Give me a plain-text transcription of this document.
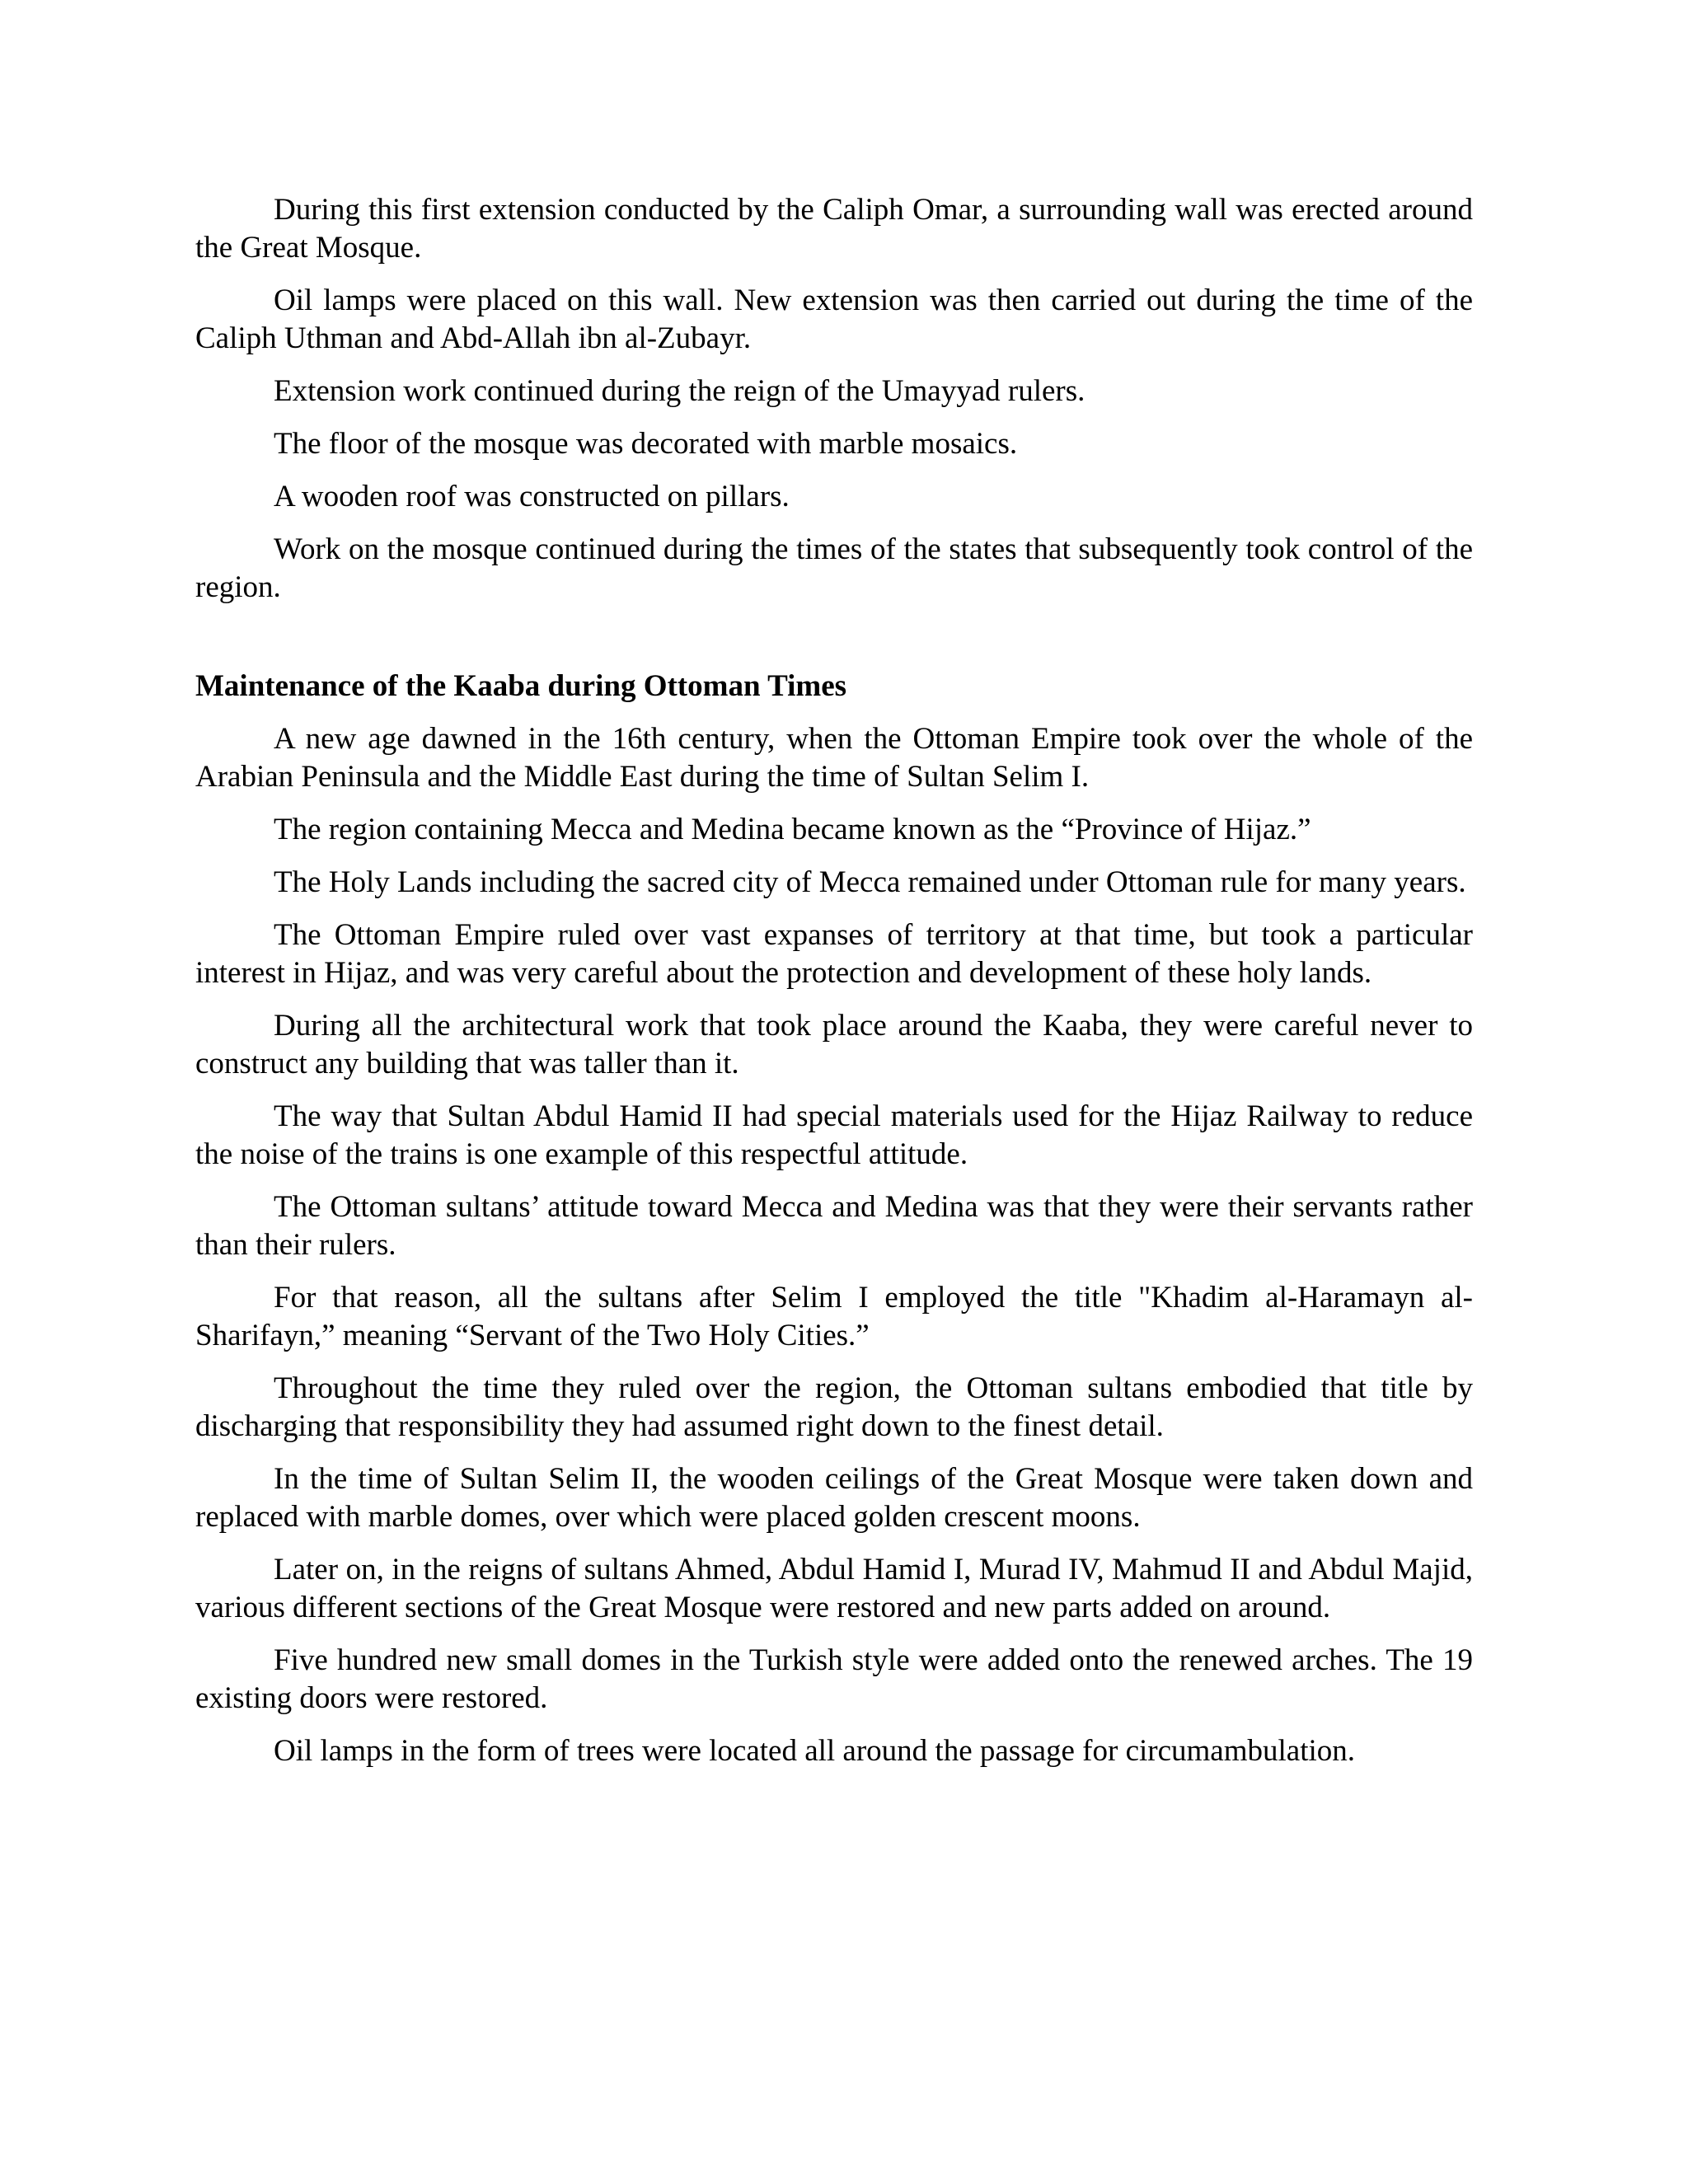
During this first extension conducted by the Caliph Omar, a surrounding wall was erected around the Great Mosque.

Oil lamps were placed on this wall. New extension was then carried out during the time of the Caliph Uthman and Abd-Allah ibn al-Zubayr.

Extension work continued during the reign of the Umayyad rulers.

The floor of the mosque was decorated with marble mosaics.

A wooden roof was constructed on pillars.

Work on the mosque continued during the times of the states that subsequently took control of the region.

Maintenance of the Kaaba during Ottoman Times

A new age dawned in the 16th century, when the Ottoman Empire took over the whole of the Arabian Peninsula and the Middle East during the time of Sultan Selim I.

The region containing Mecca and Medina became known as the “Province of Hijaz.”

The Holy Lands including the sacred city of Mecca remained under Ottoman rule for many years.

The Ottoman Empire ruled over vast expanses of territory at that time, but took a particular interest in Hijaz, and was very careful about the protection and development of these holy lands.

During all the architectural work that took place around the Kaaba, they were careful never to construct any building that was taller than it.

The way that Sultan Abdul Hamid II had special materials used for the Hijaz Railway to reduce the noise of the trains is one example of this respectful attitude.

The Ottoman sultans’ attitude toward Mecca and Medina was that they were their servants rather than their rulers.

For that reason, all the sultans after Selim I employed the title "Khadim al-Haramayn al-Sharifayn,” meaning “Servant of the Two Holy Cities.”

Throughout the time they ruled over the region, the Ottoman sultans embodied that title by discharging that responsibility they had assumed right down to the finest detail.

In the time of Sultan Selim II, the wooden ceilings of the Great Mosque were taken down and replaced with marble domes, over which were placed golden crescent moons.

Later on, in the reigns of sultans Ahmed, Abdul Hamid I, Murad IV, Mahmud II and Abdul Majid, various different sections of the Great Mosque were restored and new parts added on around.

Five hundred new small domes in the Turkish style were added onto the renewed arches. The 19 existing doors were restored.

Oil lamps in the form of trees were located all around the passage for circumambulation.
